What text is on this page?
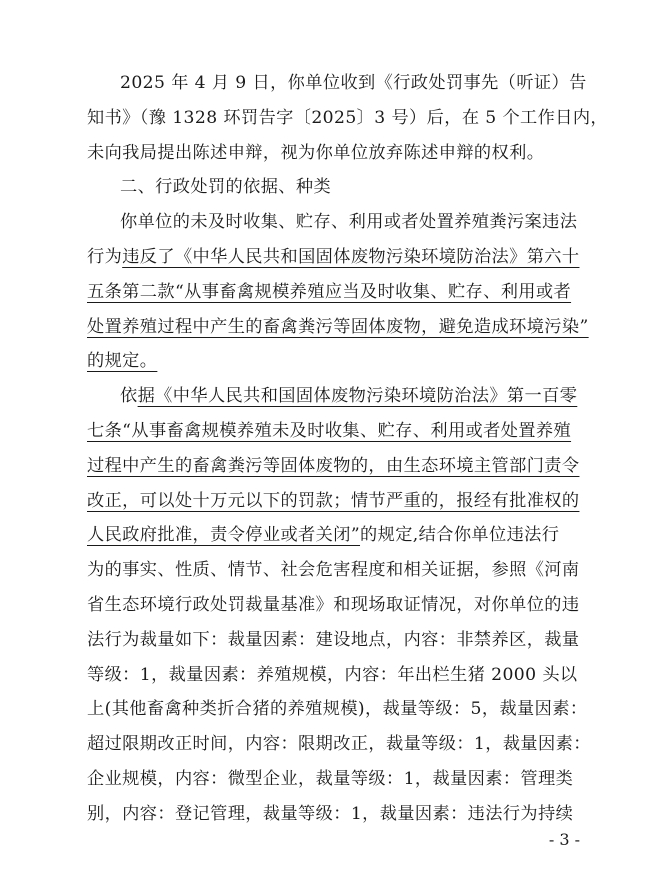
2025 年 4 月 9 日，你单位收到《行政处罚事先（听证）告
知书》（豫 1328 环罚告字〔2025〕3 号）后，在 5 个工作日内，
未向我局提出陈述申辩，视为你单位放弃陈述申辩的权利。
二、行政处罚的依据、种类
你单位的未及时收集、贮存、利用或者处置养殖粪污案违法
行为违反了《中华人民共和国固体废物污染环境防治法》第六十
五条第二款“从事畜禽规模养殖应当及时收集、贮存、利用或者
处置养殖过程中产生的畜禽粪污等固体废物，避免造成环境污染”
的规定。
依据《中华人民共和国固体废物污染环境防治法》第一百零
七条“从事畜禽规模养殖未及时收集、贮存、利用或者处置养殖
过程中产生的畜禽粪污等固体废物的，由生态环境主管部门责令
改正，可以处十万元以下的罚款；情节严重的，报经有批准权的
人民政府批准，责令停业或者关闭”的规定,结合你单位违法行
为的事实、性质、情节、社会危害程度和相关证据，参照《河南
省生态环境行政处罚裁量基准》和现场取证情况，对你单位的违
法行为裁量如下：裁量因素：建设地点，内容：非禁养区，裁量
等级：1，裁量因素：养殖规模，内容：年出栏生猪 2000 头以
上(其他畜禽种类折合猪的养殖规模)，裁量等级：5，裁量因素：
超过限期改正时间，内容：限期改正，裁量等级：1，裁量因素：
企业规模，内容：微型企业，裁量等级：1，裁量因素：管理类
别，内容：登记管理，裁量等级：1，裁量因素：违法行为持续
- 3 -
